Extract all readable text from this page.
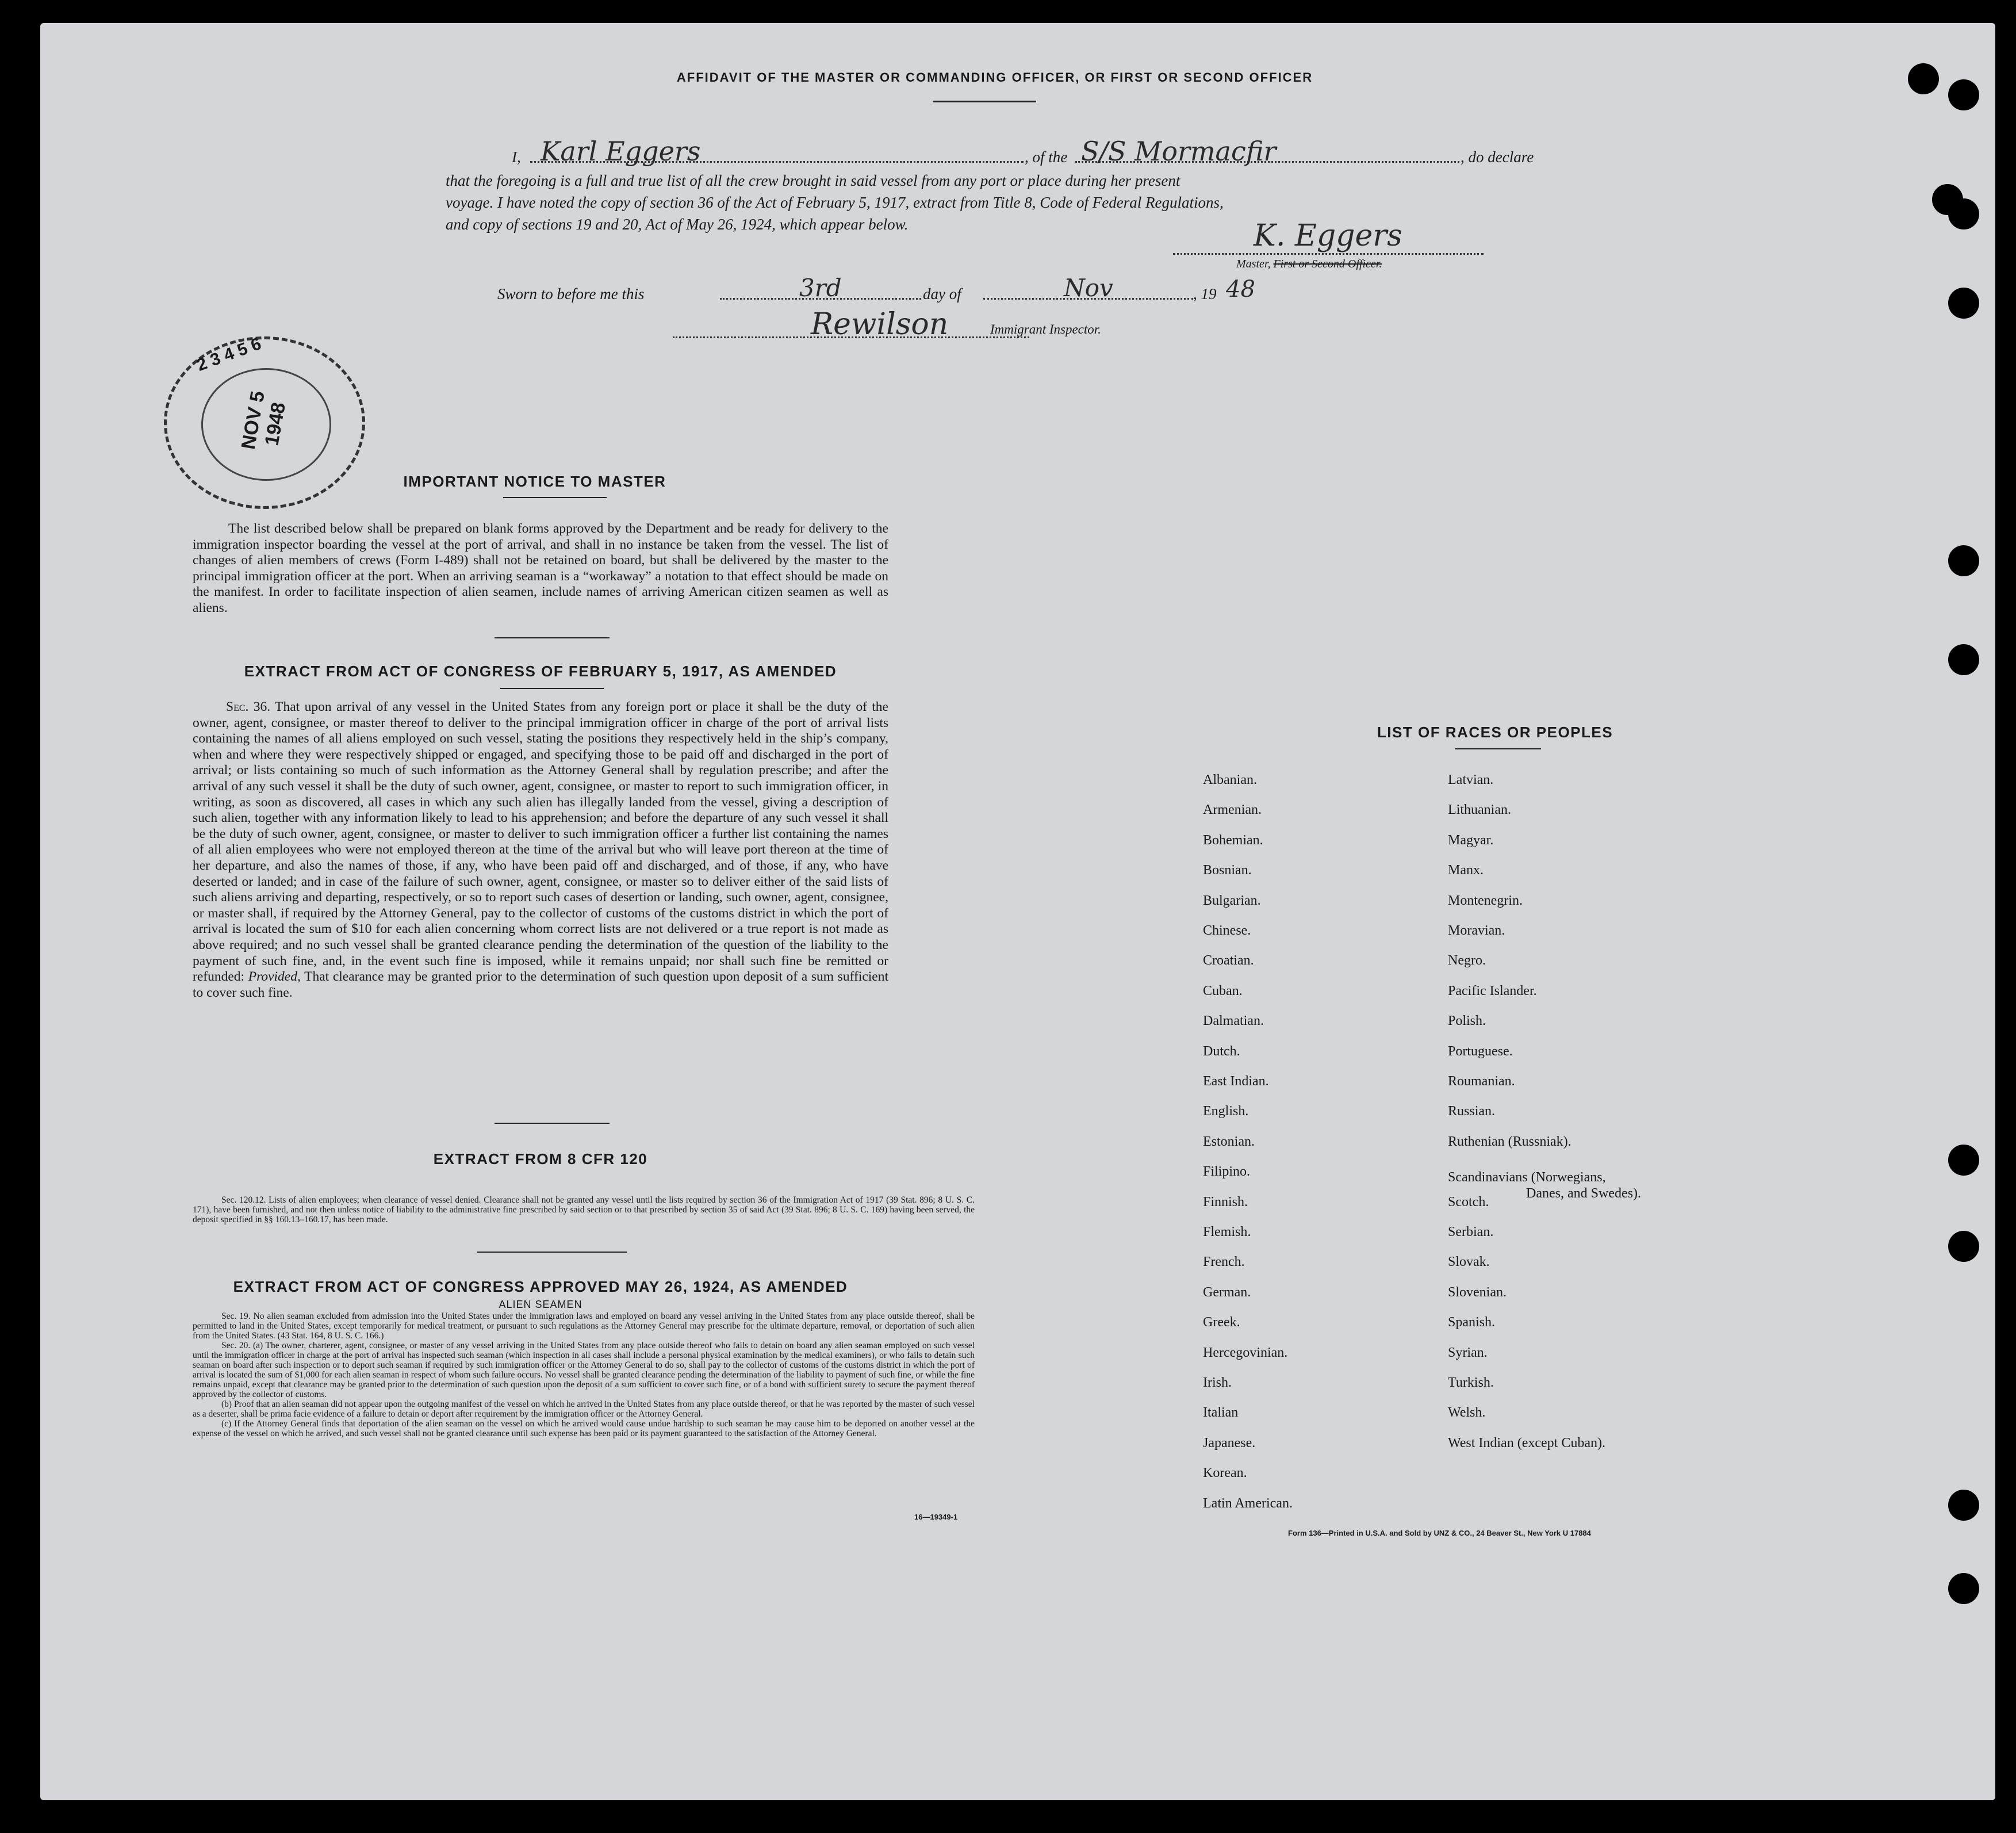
AFFIDAVIT OF THE MASTER OR COMMANDING OFFICER, OR FIRST OR SECOND OFFICER
I, Karl Eggers	, of the S/S Mormacfir	, do declare
that the foregoing is a full and true list of all the crew brought in said vessel from any port or place during her present
voyage. I have noted the copy of section 36 of the Act of February 5, 1917, extract from Title 8, Code of Federal Regulations,
and copy of sections 19 and 20, Act of May 26, 1924, which appear below.	K. Eggers
Master, First or Second Officer.
Sworn to before me this	3rd	day of	Nov	, 19 48
Rewilson	Immigrant Inspector.
2 3 4 5 6
NOV 5 1948
IMPORTANT NOTICE TO MASTER
The list described below shall be prepared on blank forms approved by the Department and be ready for delivery to the immigration inspector boarding the vessel at the port of arrival, and shall in no instance be taken from the vessel. The list of changes of alien members of crews (Form I-489) shall not be retained on board, but shall be delivered by the master to the principal immigration officer at the port. When an arriving seaman is a “workaway” a notation to that effect should be made on the manifest. In order to facilitate inspection of alien seamen, include names of arriving American citizen seamen as well as aliens.
EXTRACT FROM ACT OF CONGRESS OF FEBRUARY 5, 1917, AS AMENDED
Sec. 36. That upon arrival of any vessel in the United States from any foreign port or place it shall be the duty of the owner, agent, consignee, or master thereof to deliver to the principal immigration officer in charge of the port of arrival lists containing the names of all aliens employed on such vessel, stating the positions they respectively held in the ship’s company, when and where they were respectively shipped or engaged, and specifying those to be paid off and discharged in the port of arrival; or lists containing so much of such information as the Attorney General shall by regulation prescribe; and after the arrival of any such vessel it shall be the duty of such owner, agent, consignee, or master to report to such immigration officer, in writing, as soon as discovered, all cases in which any such alien has illegally landed from the vessel, giving a description of such alien, together with any information likely to lead to his apprehension; and before the departure of any such vessel it shall be the duty of such owner, agent, consignee, or master to deliver to such immigration officer a further list containing the names of all alien employees who were not employed thereon at the time of the arrival but who will leave port thereon at the time of her departure, and also the names of those, if any, who have been paid off and discharged, and of those, if any, who have deserted or landed; and in case of the failure of such owner, agent, consignee, or master so to deliver either of the said lists of such aliens arriving and departing, respectively, or so to report such cases of desertion or landing, such owner, agent, consignee, or master shall, if required by the Attorney General, pay to the collector of customs of the customs district in which the port of arrival is located the sum of $10 for each alien concerning whom correct lists are not delivered or a true report is not made as above required; and no such vessel shall be granted clearance pending the determination of the question of the liability to the payment of such fine, and, in the event such fine is imposed, while it remains unpaid; nor shall such fine be remitted or refunded: Provided, That clearance may be granted prior to the determination of such question upon deposit of a sum sufficient to cover such fine.
EXTRACT FROM 8 CFR 120
Sec. 120.12. Lists of alien employees; when clearance of vessel denied. Clearance shall not be granted any vessel until the lists required by section 36 of the Immigration Act of 1917 (39 Stat. 896; 8 U. S. C. 171), have been furnished, and not then unless notice of liability to the administrative fine prescribed by said section or to that prescribed by section 35 of said Act (39 Stat. 896; 8 U. S. C. 169) having been served, the deposit specified in §§ 160.13–160.17, has been made.
EXTRACT FROM ACT OF CONGRESS APPROVED MAY 26, 1924, AS AMENDED
ALIEN SEAMEN
Sec. 19. No alien seaman excluded from admission into the United States under the immigration laws and employed on board any vessel arriving in the United States from any place outside thereof, shall be permitted to land in the United States, except temporarily for medical treatment, or pursuant to such regulations as the Attorney General may prescribe for the ultimate departure, removal, or deportation of such alien from the United States. (43 Stat. 164, 8 U. S. C. 166.)
Sec. 20. (a) The owner, charterer, agent, consignee, or master of any vessel arriving in the United States from any place outside thereof who fails to detain on board any alien seaman employed on such vessel until the immigration officer in charge at the port of arrival has inspected such seaman (which inspection in all cases shall include a personal physical examination by the medical examiners), or who fails to detain such seaman on board after such inspection or to deport such seaman if required by such immigration officer or the Attorney General to do so, shall pay to the collector of customs of the customs district in which the port of arrival is located the sum of $1,000 for each alien seaman in respect of whom such failure occurs. No vessel shall be granted clearance pending the determination of the liability to payment of such fine, or while the fine remains unpaid, except that clearance may be granted prior to the determination of such question upon the deposit of a sum sufficient to cover such fine, or of a bond with sufficient surety to secure the payment thereof approved by the collector of customs.
(b) Proof that an alien seaman did not appear upon the outgoing manifest of the vessel on which he arrived in the United States from any place outside thereof, or that he was reported by the master of such vessel as a deserter, shall be prima facie evidence of a failure to detain or deport after requirement by the immigration officer or the Attorney General.
(c) If the Attorney General finds that deportation of the alien seaman on the vessel on which he arrived would cause undue hardship to such seaman he may cause him to be deported on another vessel at the expense of the vessel on which he arrived, and such vessel shall not be granted clearance until such expense has been paid or its payment guaranteed to the satisfaction of the Attorney General.
16—19349-1
LIST OF RACES OR PEOPLES
Albanian.
Armenian.
Bohemian.
Bosnian.
Bulgarian.
Chinese.
Croatian.
Cuban.
Dalmatian.
Dutch.
East Indian.
English.
Estonian.
Filipino.
Finnish.
Flemish.
French.
German.
Greek.
Hercegovinian.
Irish.
Italian
Japanese.
Korean.
Latin American.
Latvian.
Lithuanian.
Magyar.
Manx.
Montenegrin.
Moravian.
Negro.
Pacific Islander.
Polish.
Portuguese.
Roumanian.
Russian.
Ruthenian (Russniak).
Scandinavians (Norwegians,
Danes, and Swedes).
Scotch.
Serbian.
Slovak.
Slovenian.
Spanish.
Syrian.
Turkish.
Welsh.
West Indian (except Cuban).
Form 136—Printed in U.S.A. and Sold by UNZ & CO., 24 Beaver St., New York U 17884
